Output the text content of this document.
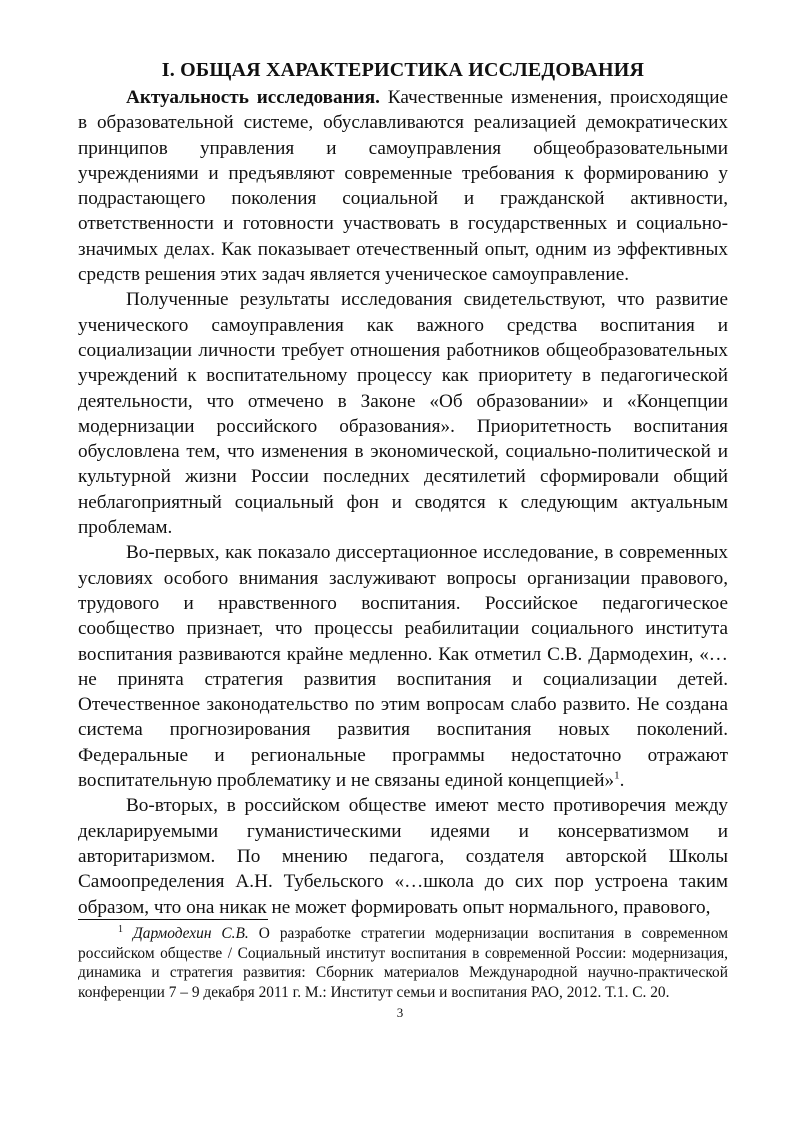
I. ОБЩАЯ ХАРАКТЕРИСТИКА ИССЛЕДОВАНИЯ

Актуальность исследования. Качественные изменения, происходящие в образовательной системе, обуславливаются реализацией демократических принципов управления и самоуправления общеобразовательными учреждениями и предъявляют современные требования к формированию у подрастающего поколения социальной и гражданской активности, ответственности и готовности участвовать в государственных и социально-значимых делах. Как показывает отечественный опыт, одним из эффективных средств решения этих задач является ученическое самоуправление.

Полученные результаты исследования свидетельствуют, что развитие ученического самоуправления как важного средства воспитания и социализации личности требует отношения работников общеобразовательных учреждений к воспитательному процессу как приоритету в педагогической деятельности, что отмечено в Законе «Об образовании» и «Концепции модернизации российского образования». Приоритетность воспитания обусловлена тем, что изменения в экономической, социально-политической и культурной жизни России последних десятилетий сформировали общий неблагоприятный социальный фон и сводятся к следующим актуальным проблемам.

Во-первых, как показало диссертационное исследование, в современных условиях особого внимания заслуживают вопросы организации правового, трудового и нравственного воспитания. Российское педагогическое сообщество признает, что процессы реабилитации социального института воспитания развиваются крайне медленно. Как отметил С.В. Дармодехин, «…не принята стратегия развития воспитания и социализации детей. Отечественное законодательство по этим вопросам слабо развито. Не создана система прогнозирования развития воспитания новых поколений. Федеральные и региональные программы недостаточно отражают воспитательную проблематику и не связаны единой концепцией»$^1$.

Во-вторых, в российском обществе имеют место противоречия между декларируемыми гуманистическими идеями и консерватизмом и авторитаризмом. По мнению педагога, создателя авторской Школы Самоопределения А.Н. Тубельского «…школа до сих пор устроена таким образом, что она никак не может формировать опыт нормального, правового,

$^1$ Дармодехин С.В. О разработке стратегии модернизации воспитания в современном российском обществе / Социальный институт воспитания в современной России: модернизация, динамика и стратегия развития: Сборник материалов Международной научно-практической конференции 7 – 9 декабря 2011 г. М.: Институт семьи и воспитания РАО, 2012. Т.1. С. 20.

3
